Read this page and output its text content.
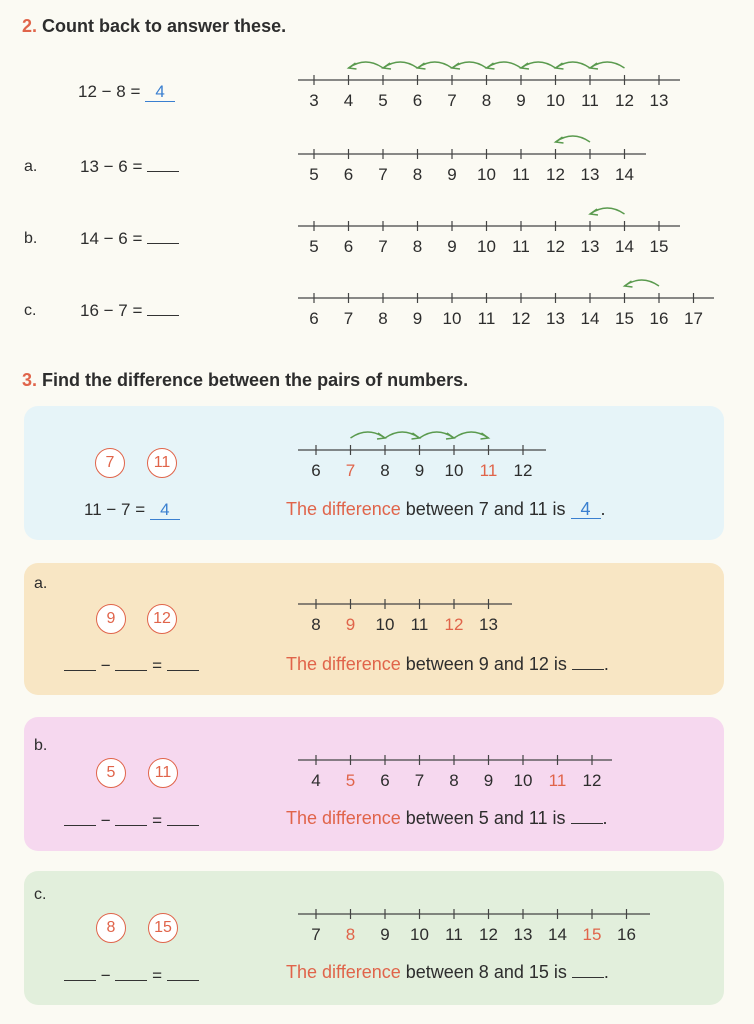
2. Count back to answer these.
12 − 8 = 4	3 4 5 6 7 8 9 10 11 12 13
a.	13 − 6 =	5 6 7 8 9 10 11 12 13 14
b.	14 − 6 =	5 6 7 8 9 10 11 12 13 14 15
c.	16 − 7 =	6 7 8 9 10 11 12 13 14 15 16 17
3. Find the difference between the pairs of numbers.
7	11	6 7 8 9 10 11 12
11 − 7 = 4	The difference between 7 and 11 is 4 .
a.
9	12	8 9 10 11 12 13
− =	The difference between 9 and 12 is .
b.
5	11	4 5 6 7 8 9 10 11 12
− =	The difference between 5 and 11 is .
c.
8	15	7 8 9 10 11 12 13 14 15 16
− =	The difference between 8 and 15 is .
